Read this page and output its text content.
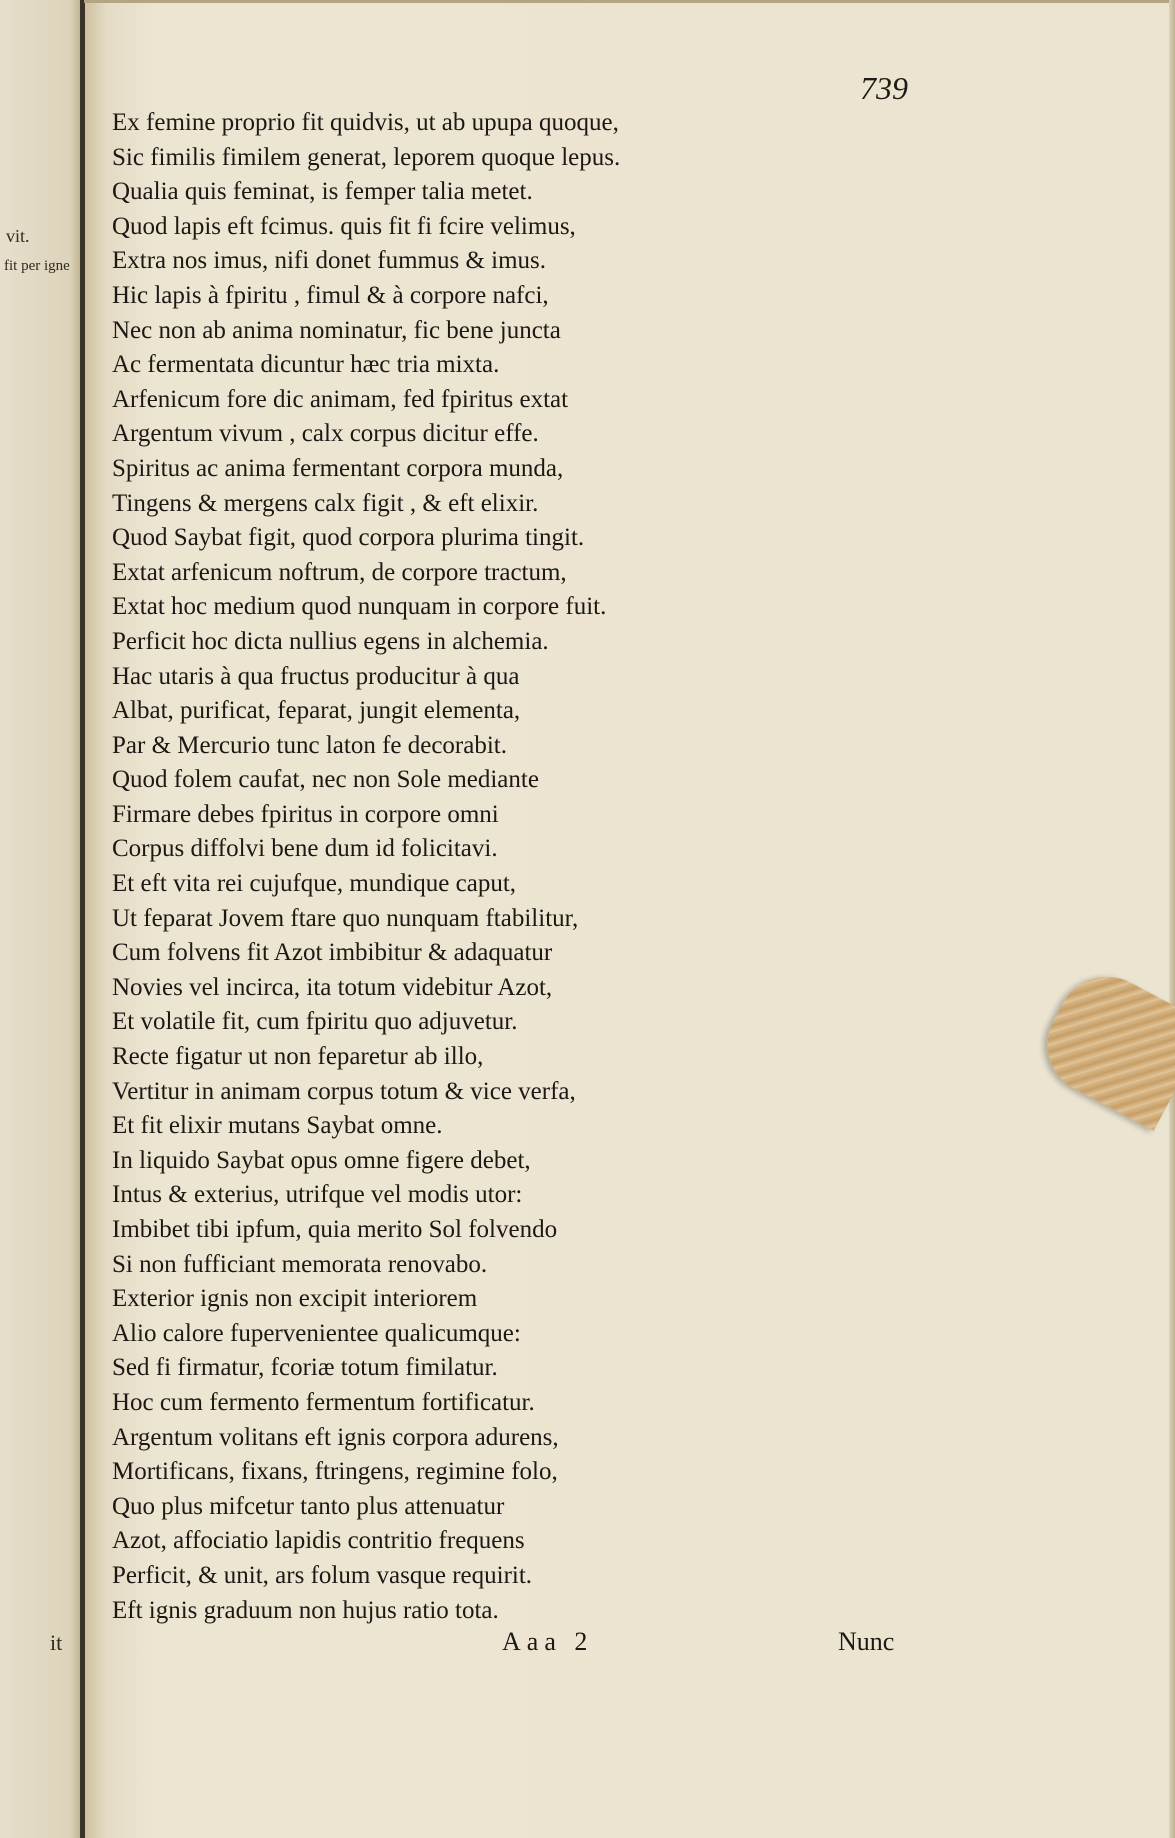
vit.
fit per igne
it
739
Ex femine proprio fit quidvis, ut ab upupa quoque,
Sic fimilis fimilem generat, leporem quoque lepus.
Qualia quis feminat, is femper talia metet.
Quod lapis eft fcimus. quis fit fi fcire velimus,
Extra nos imus, nifi donet fummus & imus.
Hic lapis à fpiritu , fimul & à corpore nafci,
Nec non ab anima nominatur, fic bene juncta
Ac fermentata dicuntur hæc tria mixta.
Arfenicum fore dic animam, fed fpiritus extat
Argentum vivum , calx corpus dicitur effe.
Spiritus ac anima fermentant corpora munda,
Tingens & mergens calx figit , & eft elixir.
Quod Saybat figit, quod corpora plurima tingit.
Extat arfenicum noftrum, de corpore tractum,
Extat hoc medium quod nunquam in corpore fuit.
Perficit hoc dicta nullius egens in alchemia.
Hac utaris à qua fructus producitur à qua
Albat, purificat, feparat, jungit elementa,
Par & Mercurio tunc laton fe decorabit.
Quod folem caufat, nec non Sole mediante
Firmare debes fpiritus in corpore omni
Corpus diffolvi bene dum id folicitavi.
Et eft vita rei cujufque, mundique caput,
Ut feparat Jovem ftare quo nunquam ftabilitur,
Cum folvens fit Azot imbibitur & adaquatur
Novies vel incirca, ita totum videbitur Azot,
Et volatile fit, cum fpiritu quo adjuvetur.
Recte figatur ut non feparetur ab illo,
Vertitur in animam corpus totum & vice verfa,
Et fit elixir mutans Saybat omne.
In liquido Saybat opus omne figere debet,
Intus & exterius, utrifque vel modis utor:
Imbibet tibi ipfum, quia merito Sol folvendo
Si non fufficiant memorata renovabo.
Exterior ignis non excipit interiorem
Alio calore fupervenientee qualicumque:
Sed fi firmatur, fcoriæ totum fimilatur.
Hoc cum fermento fermentum fortificatur.
Argentum volitans eft ignis corpora adurens,
Mortificans, fixans, ftringens, regimine folo,
Quo plus mifcetur tanto plus attenuatur
Azot, affociatio lapidis contritio frequens
Perficit, & unit, ars folum vasque requirit.
Eft ignis graduum non hujus ratio tota.
Aaa 2	Nunc
